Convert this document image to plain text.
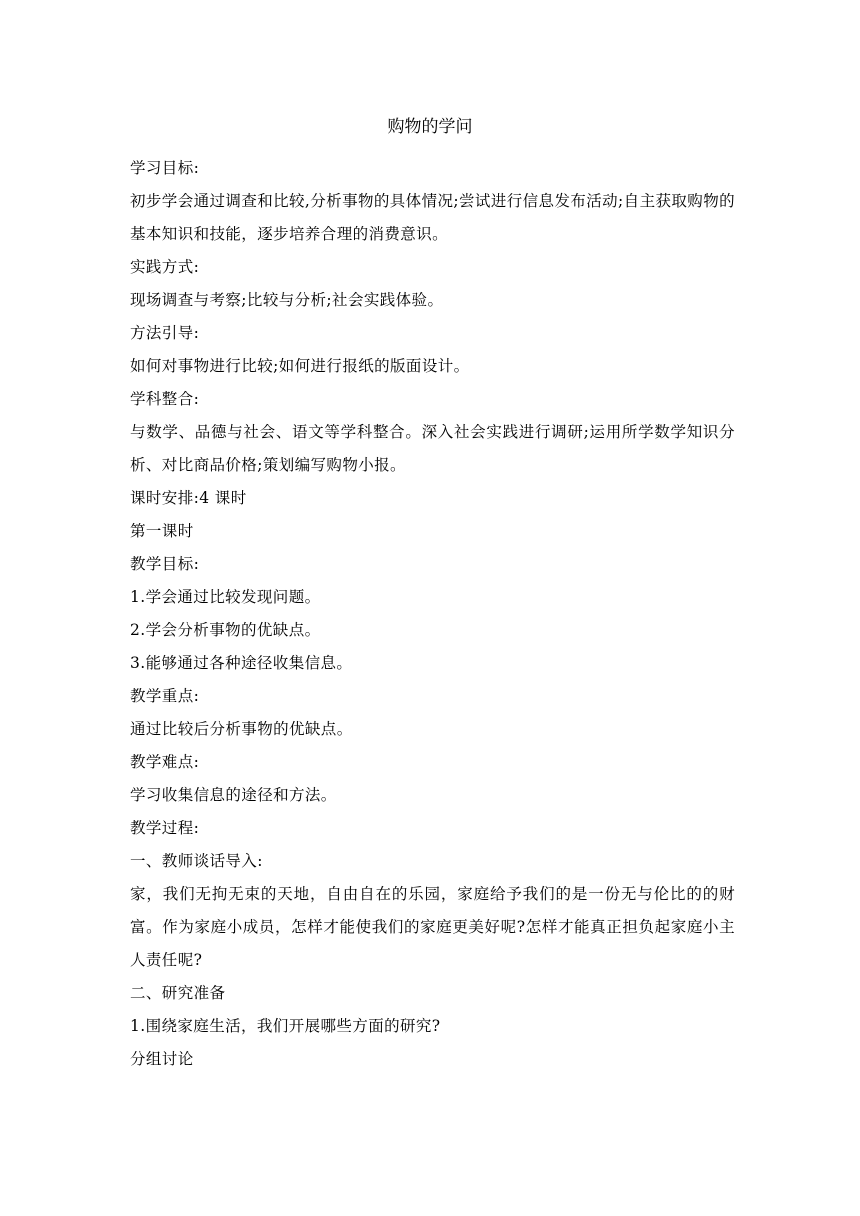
购物的学问

学习目标:

初步学会通过调查和比较,分析事物的具体情况;尝试进行信息发布活动;自主获取购物的基本知识和技能，逐步培养合理的消费意识。

实践方式:

现场调查与考察;比较与分析;社会实践体验。

方法引导:

如何对事物进行比较;如何进行报纸的版面设计。

学科整合:

与数学、品德与社会、语文等学科整合。深入社会实践进行调研;运用所学数学知识分析、对比商品价格;策划编写购物小报。

课时安排:4 课时

第一课时

教学目标:

1.学会通过比较发现问题。

2.学会分析事物的优缺点。

3.能够通过各种途径收集信息。

教学重点:

通过比较后分析事物的优缺点。

教学难点:

学习收集信息的途径和方法。

教学过程:

一、教师谈话导入:

家，我们无拘无束的天地，自由自在的乐园，家庭给予我们的是一份无与伦比的的财富。作为家庭小成员，怎样才能使我们的家庭更美好呢?怎样才能真正担负起家庭小主人责任呢?

二、研究准备

1.围绕家庭生活，我们开展哪些方面的研究?

分组讨论
